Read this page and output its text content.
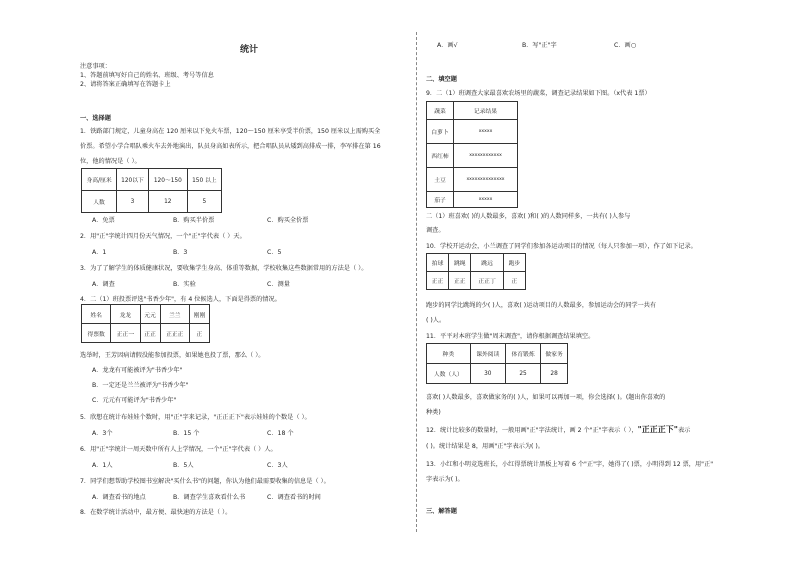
统计
注意事项：
1、答题前填写好自己的姓名、班级、考号等信息
2、请将答案正确填写在答题卡上
一、选择题
1．铁路部门规定，儿童身高在 120 厘米以下免火车票，120～150 厘米享受半价票，150 厘米以上需购买全
价票。希望小学合唱队乘火车去外地演出，队员身高如表所示，把合唱队员从矮到高排成一排，李军排在第 16
位，他的情况是（ ）。
身高/厘米	120以下	120～150	150 以上
人数	3	12	5
A．免票	B．购买半价票	C．购买全价票
2．用"正"字统计四月份天气情况，一个"正"字代表（ ）天。
A．1	B．3	C．5
3．为了了解学生的体质健康状况，要收集学生身高、体重等数据，学校收集这些数据常用的方法是（ ）。
A．调查	B．实验	C．测量
4．二（1）班投票评选"书香少年"，有 4 位候选人，下面是得票的情况。
姓名	龙龙	元元	兰兰	刚刚
得票数	正正一	正正	正正正	正
选举时，王芳因病请假没能参加投票，如果她也投了票，那么（ ）。
A．龙龙有可能被评为"书香少年"
B．一定还是兰兰被评为"书香少年"
C．元元有可能评为"书香少年"
5．欣想在统计布娃娃个数时，用"正"字来记录，"正正正下"表示娃娃的个数是（ ）。
A．3个	B．15 个	C．18 个
6．用"正"字统计一周天数中所有人上学情况，一个"正"字代表（ ）人。
A．1人	B．5人	C．3人
7．同学们想帮助学校图书室解决"买什么书"的问题，你认为他们最需要收集的信息是（ ）。
A．调查看书的地点	B．调查学生喜欢看什么书	C．调查看书的时间
8．在数学统计活动中，最方便、最快速的方法是（ ）。
A．画√	B．写"正"字	C．画○
二、填空题
9．二（1）班调查大家最喜欢农场里的蔬菜，调查记录结果如下图。（x代表 1票）
蔬菜	记录结果
白萝卜	xxxxx
西红柿	xxxxxxxxxxxx
土豆	xxxxxxxxxxxxxx
茄子	xxxxx
二（1）班喜欢( )的人数最多，喜欢( )和( )的人数同样多，一共有( )人参与
调查。
10．学校开运动会，小兰调查了同学们参加各运动项目的情况（每人只参加一项），作了如下记录。
拍球	跳绳	跳远	跑步
正正	正正	正正丁	正
跑步的同学比跳绳的少( )人，喜欢( )运动项目的人数最多，参加运动会的同学一共有
( )人。
11．平平对本班学生做"周末调查"，请你根据调查结果填空。
种类	课外阅读	体育锻炼	做家务
人数（人）	30	25	28
喜欢( )人数最多，喜欢做家务的( )人，如果可以再加一项，你会选择( )。(题出你喜欢的
种类)
12．统计比较多的数量时，一般用画"正"字法统计，画 2 个"正"字表示（ ），"正正正下"表示
( )。统计结果是 8，用画"正"字表示为( )。
13．小红和小明竞选班长，小红得票统计黑板上写着 6 个"正"字，她得了( )票，小明得到 12 票，用"正"
字表示为( )。
三、解答题
